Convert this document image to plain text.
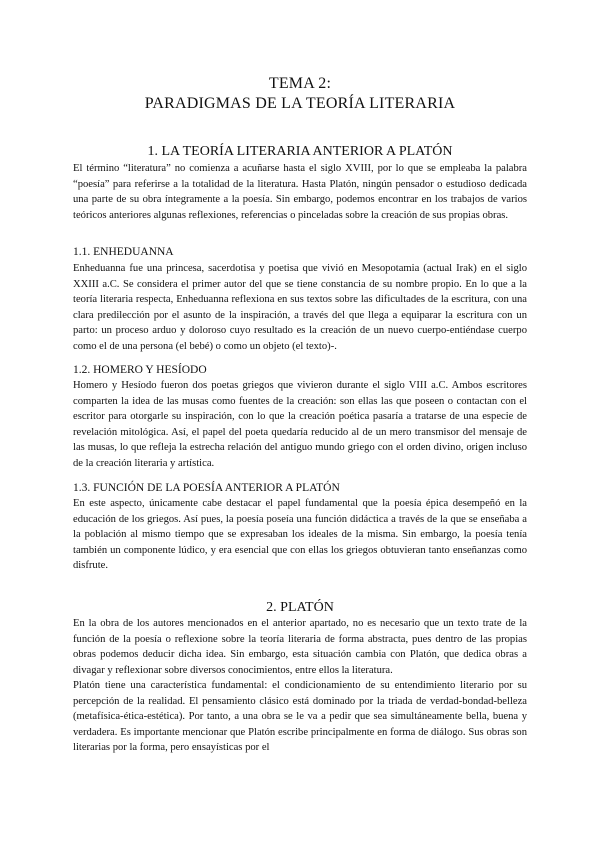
TEMA 2:
PARADIGMAS DE LA TEORÍA LITERARIA
1. LA TEORÍA LITERARIA ANTERIOR A PLATÓN

El término “literatura” no comienza a acuñarse hasta el siglo XVIII, por lo que se empleaba la palabra “poesía” para referirse a la totalidad de la literatura. Hasta Platón, ningún pensador o estudioso dedicada una parte de su obra íntegramente a la poesía. Sin embargo, podemos encontrar en los trabajos de varios teóricos anteriores algunas reflexiones, referencias o pinceladas sobre la creación de sus propias obras.

1.1. ENHEDUANNA

Enheduanna fue una princesa, sacerdotisa y poetisa que vivió en Mesopotamia (actual Irak) en el siglo XXIII a.C. Se considera el primer autor del que se tiene constancia de su nombre propio. En lo que a la teoría literaria respecta, Enheduanna reflexiona en sus textos sobre las dificultades de la escritura, con una clara predilección por el asunto de la inspiración, a través del que llega a equiparar la escritura con un parto: un proceso arduo y doloroso cuyo resultado es la creación de un nuevo cuerpo-entiéndase cuerpo como el de una persona (el bebé) o como un objeto (el texto)-.

1.2. HOMERO Y HESÍODO

Homero y Hesíodo fueron dos poetas griegos que vivieron durante el siglo VIII a.C. Ambos escritores comparten la idea de las musas como fuentes de la creación: son ellas las que poseen o contactan con el escritor para otorgarle su inspiración, con lo que la creación poética pasaría a tratarse de una especie de revelación mitológica. Así, el papel del poeta quedaría reducido al de un mero transmisor del mensaje de las musas, lo que refleja la estrecha relación del antiguo mundo griego con el orden divino, origen incluso de la creación literaria y artística.

1.3. FUNCIÓN DE LA POESÍA ANTERIOR A PLATÓN

En este aspecto, únicamente cabe destacar el papel fundamental que la poesía épica desempeñó en la educación de los griegos. Así pues, la poesía poseía una función didáctica a través de la que se enseñaba a la población al mismo tiempo que se expresaban los ideales de la misma. Sin embargo, la poesía tenía también un componente lúdico, y era esencial que con ellas los griegos obtuvieran tanto enseñanzas como disfrute.

2. PLATÓN

En la obra de los autores mencionados en el anterior apartado, no es necesario que un texto trate de la función de la poesía o reflexione sobre la teoría literaria de forma abstracta, pues dentro de las propias obras podemos deducir dicha idea. Sin embargo, esta situación cambia con Platón, que dedica obras a divagar y reflexionar sobre diversos conocimientos, entre ellos la literatura.

Platón tiene una característica fundamental: el condicionamiento de su entendimiento literario por su percepción de la realidad. El pensamiento clásico está dominado por la triada de verdad-bondad-belleza (metafísica-ética-estética). Por tanto, a una obra se le va a pedir que sea simultáneamente bella, buena y verdadera. Es importante mencionar que Platón escribe principalmente en forma de diálogo. Sus obras son literarias por la forma, pero ensayísticas por el
